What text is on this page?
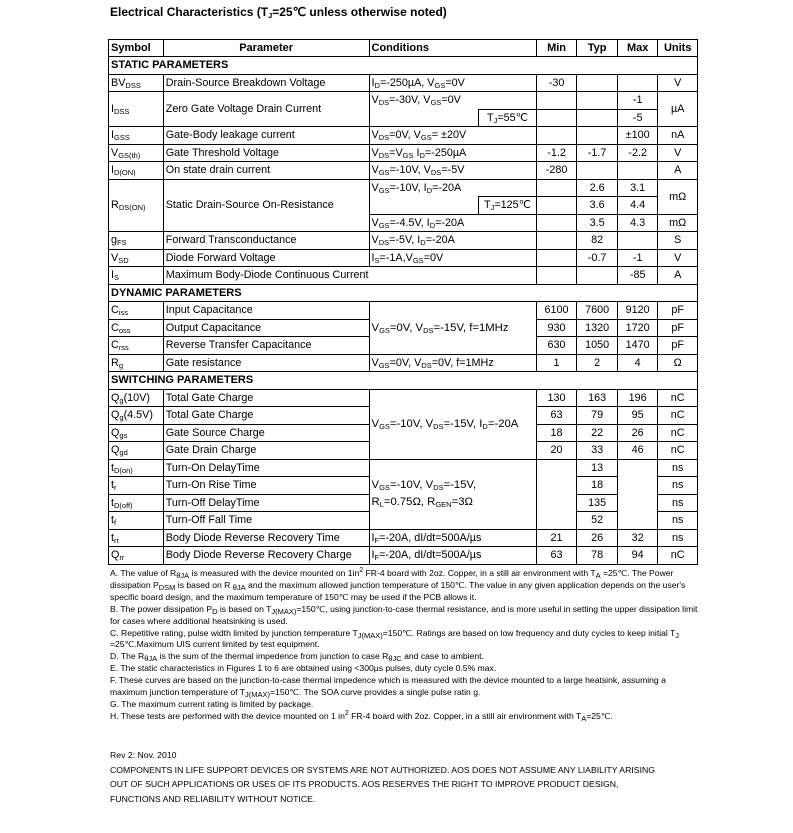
Electrical Characteristics ($T_J=25℃$ unless otherwise noted)
Symbol	Parameter	Conditions		Min	Typ	Max	Units
STATIC PARAMETERS							
$BV_{DSS}$	Drain-Source Breakdown Voltage	$I_D=-250\mu A$, $V_{GS}=0V$		-30			V
$I_{DSS}$	Zero Gate Voltage Drain Current	$V_{DS}=-30V$, $V_{GS}=0V$				-1	µA
			$T_J=55℃$			-5	
$I_{GSS}$	Gate-Body leakage current	$V_{DS}=0V$, $V_{GS}= \pm 20V$				±100	nA
$V_{GS(th)}$	Gate Threshold Voltage	$V_{DS}=V_{GS}$ $I_D=-250\mu A$		-1.2	-1.7	-2.2	V
$I_{D(ON)}$	On state drain current	$V_{GS}=-10V$, $V_{DS}=-5V$		-280			A
$R_{DS(ON)}$	Static Drain-Source On-Resistance	$V_{GS}=-10V$, $I_D=-20A$			2.6	3.1	mΩ
			$T_J=125℃$		3.6	4.4	
		$V_{GS}=-4.5V$, $I_D=-20A$			3.5	4.3	mΩ
$g_{FS}$	Forward Transconductance	$V_{DS}=-5V$, $I_D=-20A$			82		S
$V_{SD}$	Diode Forward Voltage	$I_S=-1A,V_{GS}=0V$			-0.7	-1	V
$I_S$	Maximum Body-Diode Continuous Current					-85	A
DYNAMIC PARAMETERS							
$C_{iss}$	Input Capacitance	$V_{GS}=0V$, $V_{DS}=-15V$, f=1MHz		6100	7600	9120	pF
$C_{oss}$	Output Capacitance			930	1320	1720	pF
$C_{rss}$	Reverse Transfer Capacitance			630	1050	1470	pF
$R_g$	Gate resistance	$V_{GS}=0V$, $V_{DS}=0V$, f=1MHz		1	2	4	Ω
SWITCHING PARAMETERS							
$Q_g(10V)$	Total Gate Charge	$V_{GS}=-10V$, $V_{DS}=-15V$, $I_D=-20A$		130	163	196	nC
$Q_g(4.5V)$	Total Gate Charge			63	79	95	nC
$Q_{gs}$	Gate Source Charge			18	22	26	nC
$Q_{gd}$	Gate Drain Charge			20	33	46	nC
$t_{D(on)}$	Turn-On DelayTime	$V_{GS}=-10V$, $V_{DS}=-15V$,
$R_L=0.75\Omega$, $R_{GEN}=3\Omega$			13		ns
$t_r$	Turn-On Rise Time				18		ns
$t_{D(off)}$	Turn-Off DelayTime				135		ns
$t_f$	Turn-Off Fall Time				52		ns
$t_{rr}$	Body Diode Reverse Recovery Time	$I_F=-20A$, dI/dt=500A/µs		21	26	32	ns
$Q_{rr}$	Body Diode Reverse Recovery Charge	$I_F=-20A$, dI/dt=500A/µs		63	78	94	nC

A. The value of $R_{\theta JA}$ is measured with the device mounted on $1in^2$ FR-4 board with 2oz. Copper, in a still air environment with $T_A$ =25℃. The Power dissipation $P_{DSM}$ is based on R $_{\theta JA}$ and the maximum allowed junction temperature of 150℃. The value in any given application depends on the user's specific board design, and the maximum temperature of 150℃ may be used if the PCB allows it.

B. The power dissipation $P_D$ is based on $T_{J(MAX)}=150℃$, using junction-to-case thermal resistance, and is more useful in setting the upper dissipation limit for cases where additional heatsinking is used.

C. Repetitive rating, pulse width limited by junction temperature $T_{J(MAX)}=150℃$. Ratings are based on low frequency and duty cycles to keep initial $T_J$ =25℃.Maximum UIS current limited by test equipment.

D. The $R_{\theta JA}$ is the sum of the thermal impedence from junction to case $R_{\theta JC}$ and case to ambient.

E. The static characteristics in Figures 1 to 6 are obtained using <300µs pulses, duty cycle 0.5% max.

F. These curves are based on the junction-to-case thermal impedence which is measured with the device mounted to a large heatsink, assuming a maximum junction temperature of $T_{J(MAX)}=150℃$. The SOA curve provides a single pulse ratin g.

G. The maximum current rating is limited by package.

H. These tests are performed with the device mounted on 1 $in^2$ FR-4 board with 2oz. Copper, in a still air environment with $T_A=25℃$.

Rev 2: Nov. 2010

COMPONENTS IN LIFE SUPPORT DEVICES OR SYSTEMS ARE NOT AUTHORIZED. AOS DOES NOT ASSUME ANY LIABILITY ARISING

OUT OF SUCH APPLICATIONS OR USES OF ITS PRODUCTS. AOS RESERVES THE RIGHT TO IMPROVE PRODUCT DESIGN,

FUNCTIONS AND RELIABILITY WITHOUT NOTICE.
